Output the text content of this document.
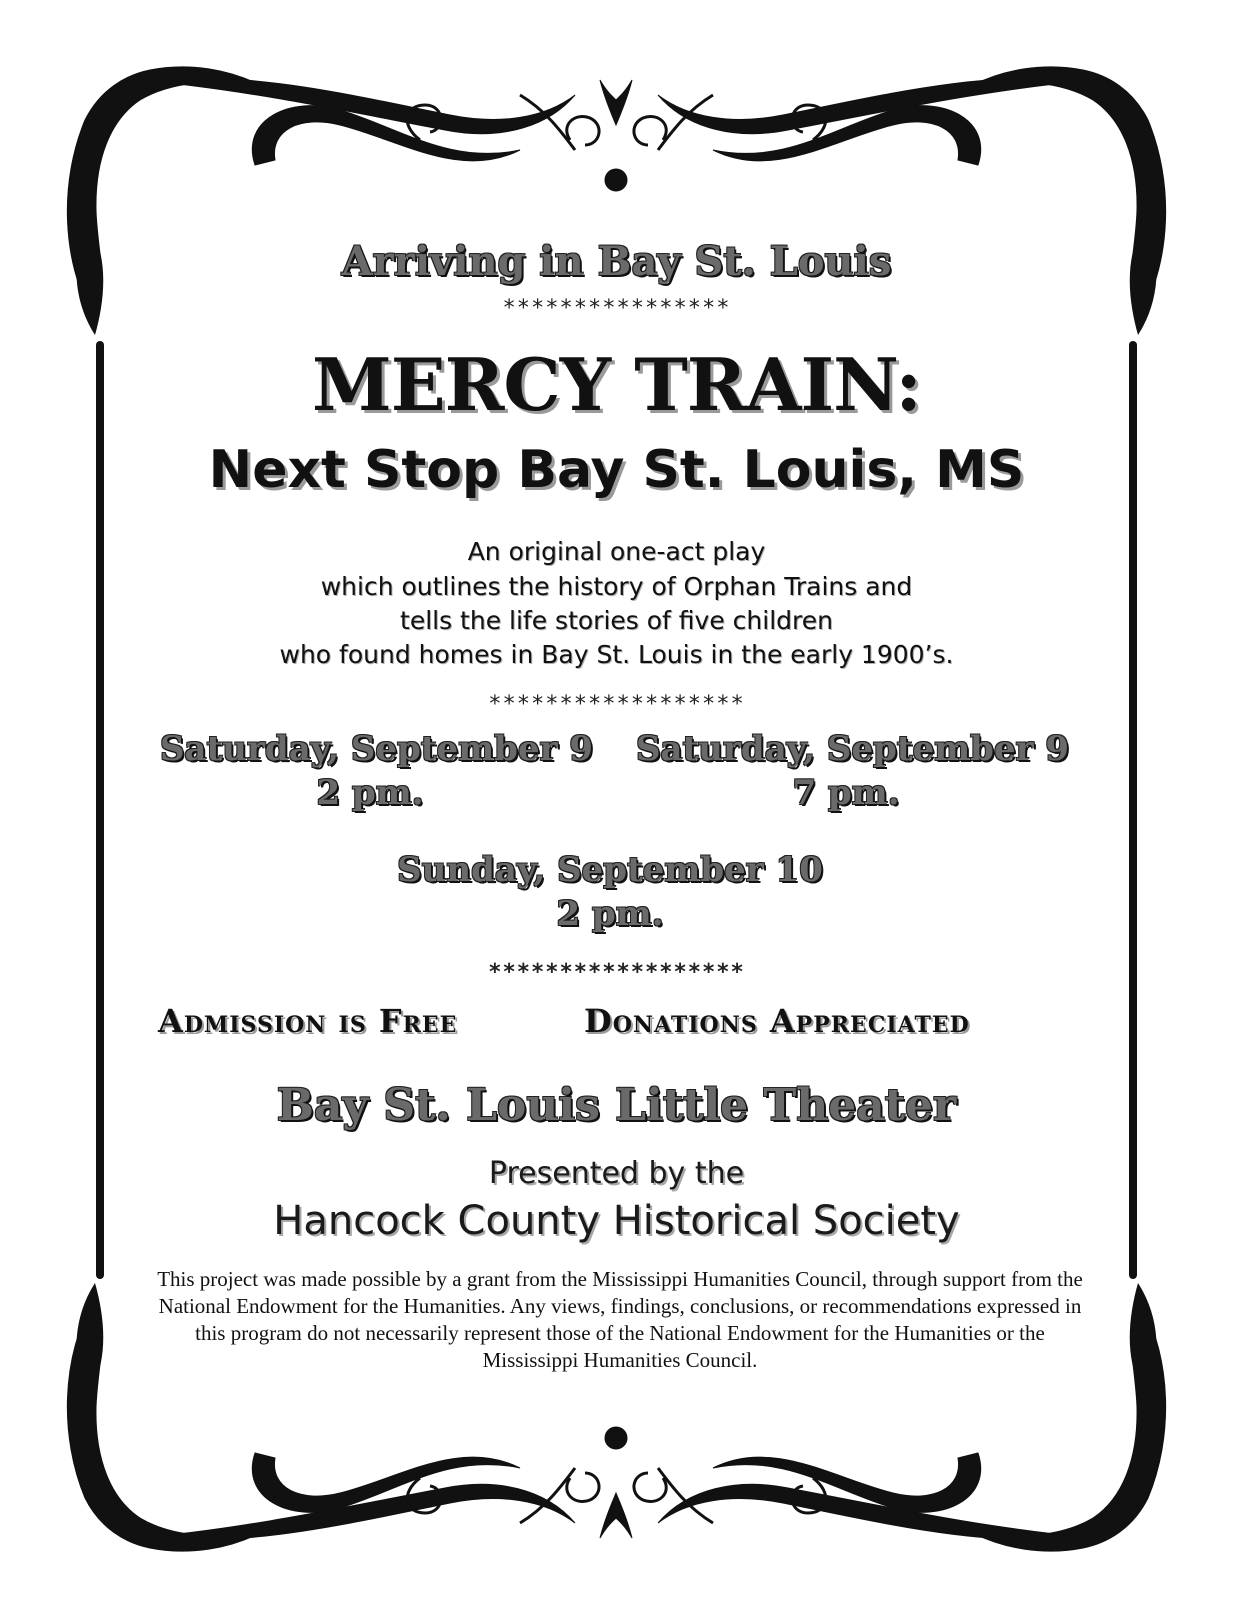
Arriving in Bay St. Louis
****************
MERCY TRAIN:
Next Stop Bay St. Louis, MS
An original one-act play
which outlines the history of Orphan Trains and
tells the life stories of five children
who found homes in Bay St. Louis in the early 1900’s.
******************
Saturday, September 9
2 pm.
Saturday, September 9
7 pm.
Sunday, September 10
2 pm.
******************
Admission is Free	Donations Appreciated
Bay St. Louis Little Theater
Presented by the
Hancock County Historical Society
This project was made possible by a grant from the Mississippi Humanities Council, through support from the National Endowment for the Humanities. Any views, findings, conclusions, or recommendations expressed in this program do not necessarily represent those of the National Endowment for the Humanities or the Mississippi Humanities Council.
